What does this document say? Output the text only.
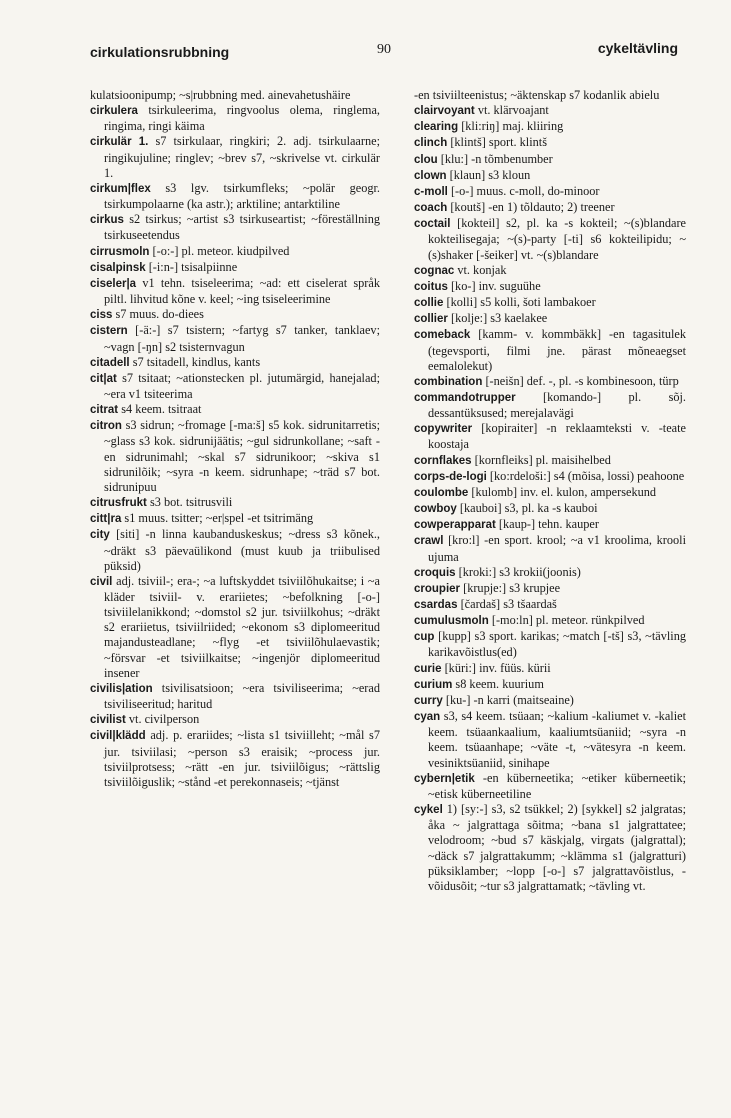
cirkulationsrubbning	90	cykeltävling

kulatsioonipump; ~s|rubbning med. ainevahetushäire

cirkulera tsirkuleerima, ringvoolus olema, ringlema, ringima, ringi käima

cirkulär 1. s7 tsirkulaar, ringkiri; 2. adj. tsirkulaarne; ringikujuline; ringlev; ~brev s7, ~skrivelse vt. cirkulär 1.

cirkum|flex s3 lgv. tsirkumfleks; ~polär geogr. tsirkumpolaarne (ka astr.); arktiline; antarktiline

cirkus s2 tsirkus; ~artist s3 tsirkuseartist; ~föreställning tsirkuseetendus

cirrusmoln [-o:-] pl. meteor. kiudpilved

cisalpinsk [-i:n-] tsisalpiinne

ciseler|a v1 tehn. tsiseleerima; ~ad: ett ciselerat språk piltl. lihvitud kõne v. keel; ~ing tsiseleerimine

ciss s7 muus. do-diees

cistern [-ä:-] s7 tsistern; ~fartyg s7 tanker, tanklaev; ~vagn [-ŋn] s2 tsisternvagun

citadell s7 tsitadell, kindlus, kants

cit|at s7 tsitaat; ~ationstecken pl. jutumärgid, hanejalad; ~era v1 tsiteerima

citrat s4 keem. tsitraat

citron s3 sidrun; ~fromage [-ma:š] s5 kok. sidrunitarretis; ~glass s3 kok. sidrunijäätis; ~gul sidrunkollane; ~saft -en sidrunimahl; ~skal s7 sidrunikoor; ~skiva s1 sidrunilõik; ~syra -n keem. sidrunhape; ~träd s7 bot. sidrunipuu

citrusfrukt s3 bot. tsitrusvili

citt|ra s1 muus. tsitter; ~er|spel -et tsitrimäng

city [siti] -n linna kaubanduskeskus; ~dress s3 kõnek., ~dräkt s3 päevaülikond (must kuub ja triibulised püksid)

civil adj. tsiviil-; era-; ~a luftskyddet tsiviilõhukaitse; i ~a kläder tsiviil- v. erariietes; ~befolkning [-o-] tsiviilelanikkond; ~domstol s2 jur. tsiviilkohus; ~dräkt s2 erariietus, tsiviilriided; ~ekonom s3 diplomeeritud majandusteadlane; ~flyg -et tsiviilõhulaevastik; ~försvar -et tsiviilkaitse; ~ingenjör diplomeeritud insener

civilis|ation tsivilisatsioon; ~era tsiviliseerima; ~erad tsiviliseeritud; haritud

civilist vt. civilperson

civil|klädd adj. p. erariides; ~lista s1 tsiviilleht; ~mål s7 jur. tsiviilasi; ~person s3 eraisik; ~process jur. tsiviilprotsess; ~rätt -en jur. tsiviilõigus; ~rättslig tsiviilõiguslik; ~stånd -et perekonnaseis; ~tjänst

-en tsiviilteenistus; ~äktenskap s7 kodanlik abielu

clairvoyant vt. klärvoajant

clearing [kli:riŋ] maj. kliiring

clinch [klintš] sport. klintš

clou [klu:] -n tõmbenumber

clown [klaun] s3 kloun

c-moll [-o-] muus. c-moll, do-minoor

coach [koutš] -en 1) tõldauto; 2) treener

coctail [kokteil] s2, pl. ka -s kokteil; ~(s)blandare kokteilisegaja; ~(s)-party [-ti] s6 kokteilipidu; ~(s)shaker [-šeiker] vt. ~(s)blandare

cognac vt. konjak

coitus [ko-] inv. suguühe

collie [kolli] s5 kolli, šoti lambakoer

collier [kolje:] s3 kaelakee

comeback [kamm- v. kommbäkk] -en tagasitulek (tegevsporti, filmi jne. pärast mõneaegset eemalolekut)

combination [-neišn] def. -, pl. -s kombinesoon, türp

commandotrupper [komando-] pl. sõj. dessantüksused; merejalavägi

copywriter [kopiraiter] -n reklaamteksti v. -teate koostaja

cornflakes [kornfleiks] pl. maisihelbed

corps-de-logi [ko:rdeloši:] s4 (mõisa, lossi) peahoone

coulombe [kulomb] inv. el. kulon, ampersekund

cowboy [kauboi] s3, pl. ka -s kauboi

cowperapparat [kaup-] tehn. kauper

crawl [kro:l] -en sport. krool; ~a v1 kroolima, krooli ujuma

croquis [kroki:] s3 krokii(joonis)

croupier [krupje:] s3 krupjee

csardas [čardaš] s3 tšaardaš

cumulusmoln [-mo:ln] pl. meteor. rünkpilved

cup [kupp] s3 sport. karikas; ~match [-tš] s3, ~tävling karikavõistlus(ed)

curie [küri:] inv. füüs. kürii

curium s8 keem. kuurium

curry [ku-] -n karri (maitseaine)

cyan s3, s4 keem. tsüaan; ~kalium -kaliumet v. -kaliet keem. tsüaankaalium, kaaliumtsüaniid; ~syra -n keem. tsüaanhape; ~väte -t, ~vätesyra -n keem. vesiniktsüaniid, sinihape

cybern|etik -en küberneetika; ~etiker küberneetik; ~etisk küberneetiline

cykel 1) [sy:-] s3, s2 tsükkel; 2) [sykkel] s2 jalgratas; åka ~ jalgrattaga sõitma; ~bana s1 jalgrattatee; velodroom; ~bud s7 käskjalg, virgats (jalgrattal); ~däck s7 jalgrattakumm; ~klämma s1 (jalgratturi) püksiklamber; ~lopp [-o-] s7 jalgrattavõistlus, -võidusõit; ~tur s3 jalgrattamatk; ~tävling vt.
